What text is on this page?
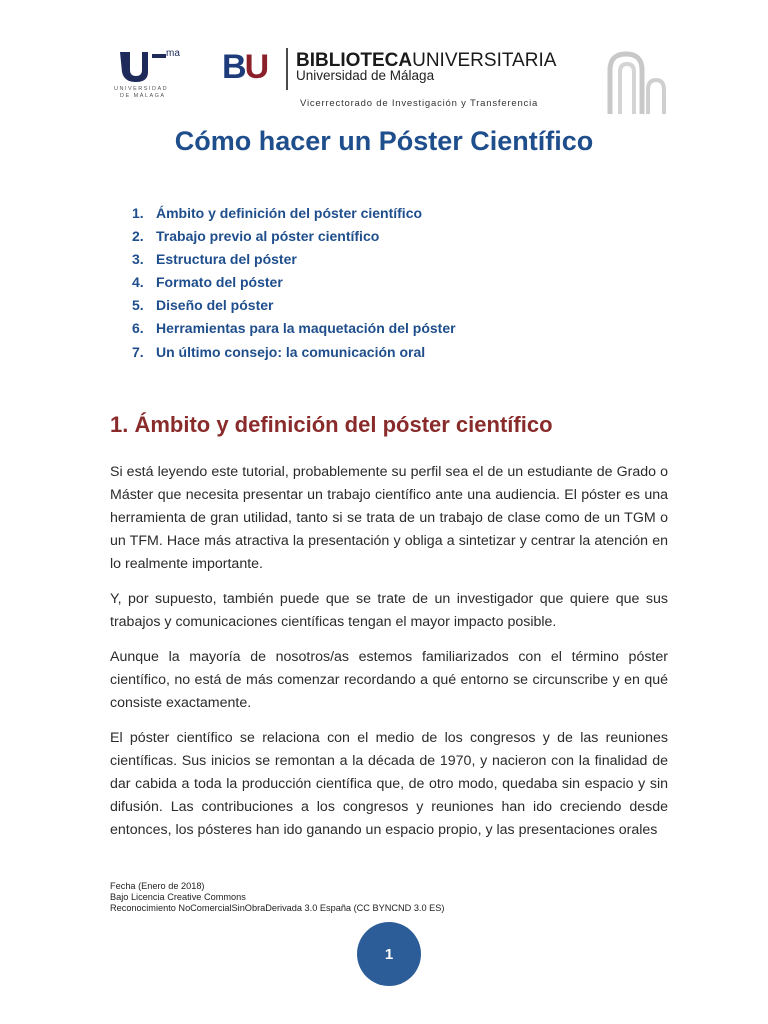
ma
UNIVERSIDAD
DE MÁLAGA
BU BIBLIOTECAUNIVERSITARIA
Universidad de Málaga
Vicerrectorado de Investigación y Transferencia
Cómo hacer un Póster Científico
1. Ámbito y definición del póster científico
2. Trabajo previo al póster científico
3. Estructura del póster
4. Formato del póster
5. Diseño del póster
6. Herramientas para la maquetación del póster
7. Un último consejo: la comunicación oral
1. Ámbito y definición del póster científico

Si está leyendo este tutorial, probablemente su perfil sea el de un estudiante de Grado o Máster que necesita presentar un trabajo científico ante una audiencia. El póster es una herramienta de gran utilidad, tanto si se trata de un trabajo de clase como de un TGM o un TFM. Hace más atractiva la presentación y obliga a sintetizar y centrar la atención en lo realmente importante.

Y, por supuesto, también puede que se trate de un investigador que quiere que sus trabajos y comunicaciones científicas tengan el mayor impacto posible.

Aunque la mayoría de nosotros/as estemos familiarizados con el término póster científico, no está de más comenzar recordando a qué entorno se circunscribe y en qué consiste exactamente.

El póster científico se relaciona con el medio de los congresos y de las reuniones científicas. Sus inicios se remontan a la década de 1970, y nacieron con la finalidad de dar cabida a toda la producción científica que, de otro modo, quedaba sin espacio y sin difusión. Las contribuciones a los congresos y reuniones han ido creciendo desde entonces, los pósteres han ido ganando un espacio propio, y las presentaciones orales

Fecha (Enero de 2018)
Bajo Licencia Creative Commons
Reconocimiento NoComercialSinObraDerivada 3.0 España (CC BYNCND 3.0 ES)
1
